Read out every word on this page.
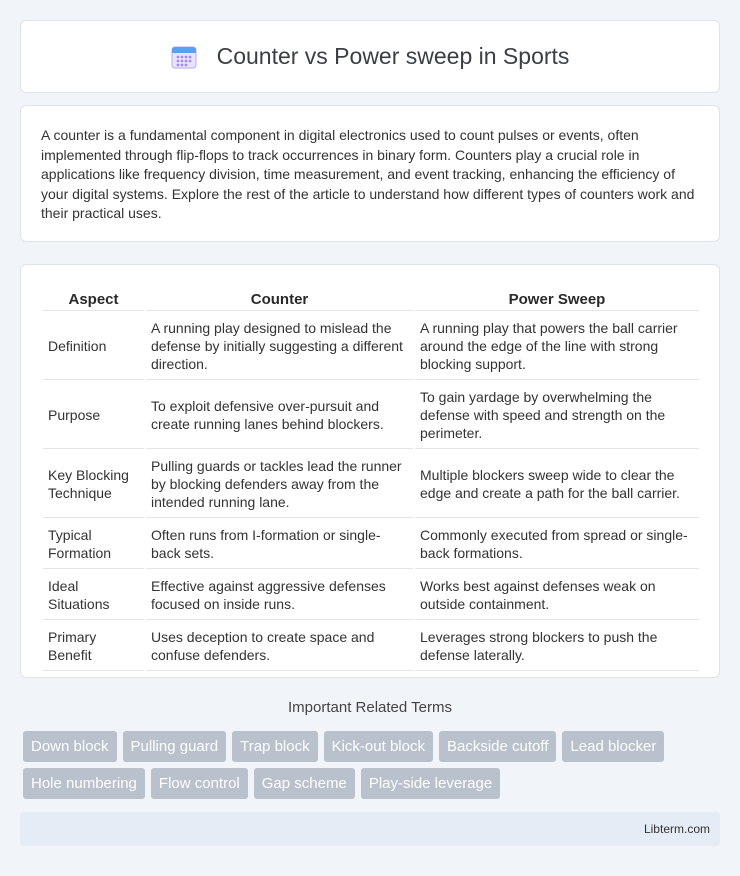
Counter vs Power sweep in Sports

A counter is a fundamental component in digital electronics used to count pulses or events, often implemented through flip-flops to track occurrences in binary form. Counters play a crucial role in applications like frequency division, time measurement, and event tracking, enhancing the efficiency of your digital systems. Explore the rest of the article to understand how different types of counters work and their practical uses.

Aspect	Counter	Power Sweep
Definition	A running play designed to mislead the defense by initially suggesting a different direction.	A running play that powers the ball carrier around the edge of the line with strong blocking support.
Purpose	To exploit defensive over-pursuit and create running lanes behind blockers.	To gain yardage by overwhelming the defense with speed and strength on the perimeter.
Key Blocking Technique	Pulling guards or tackles lead the runner by blocking defenders away from the intended running lane.	Multiple blockers sweep wide to clear the edge and create a path for the ball carrier.
Typical Formation	Often runs from I-formation or single-back sets.	Commonly executed from spread or single-back formations.
Ideal Situations	Effective against aggressive defenses focused on inside runs.	Works best against defenses weak on outside containment.
Primary Benefit	Uses deception to create space and confuse defenders.	Leverages strong blockers to push the defense laterally.
Important Related Terms
Down block	Pulling guard	Trap block	Kick-out block	Backside cutoff	Lead blocker
Hole numbering	Flow control	Gap scheme	Play-side leverage
Libterm.com
